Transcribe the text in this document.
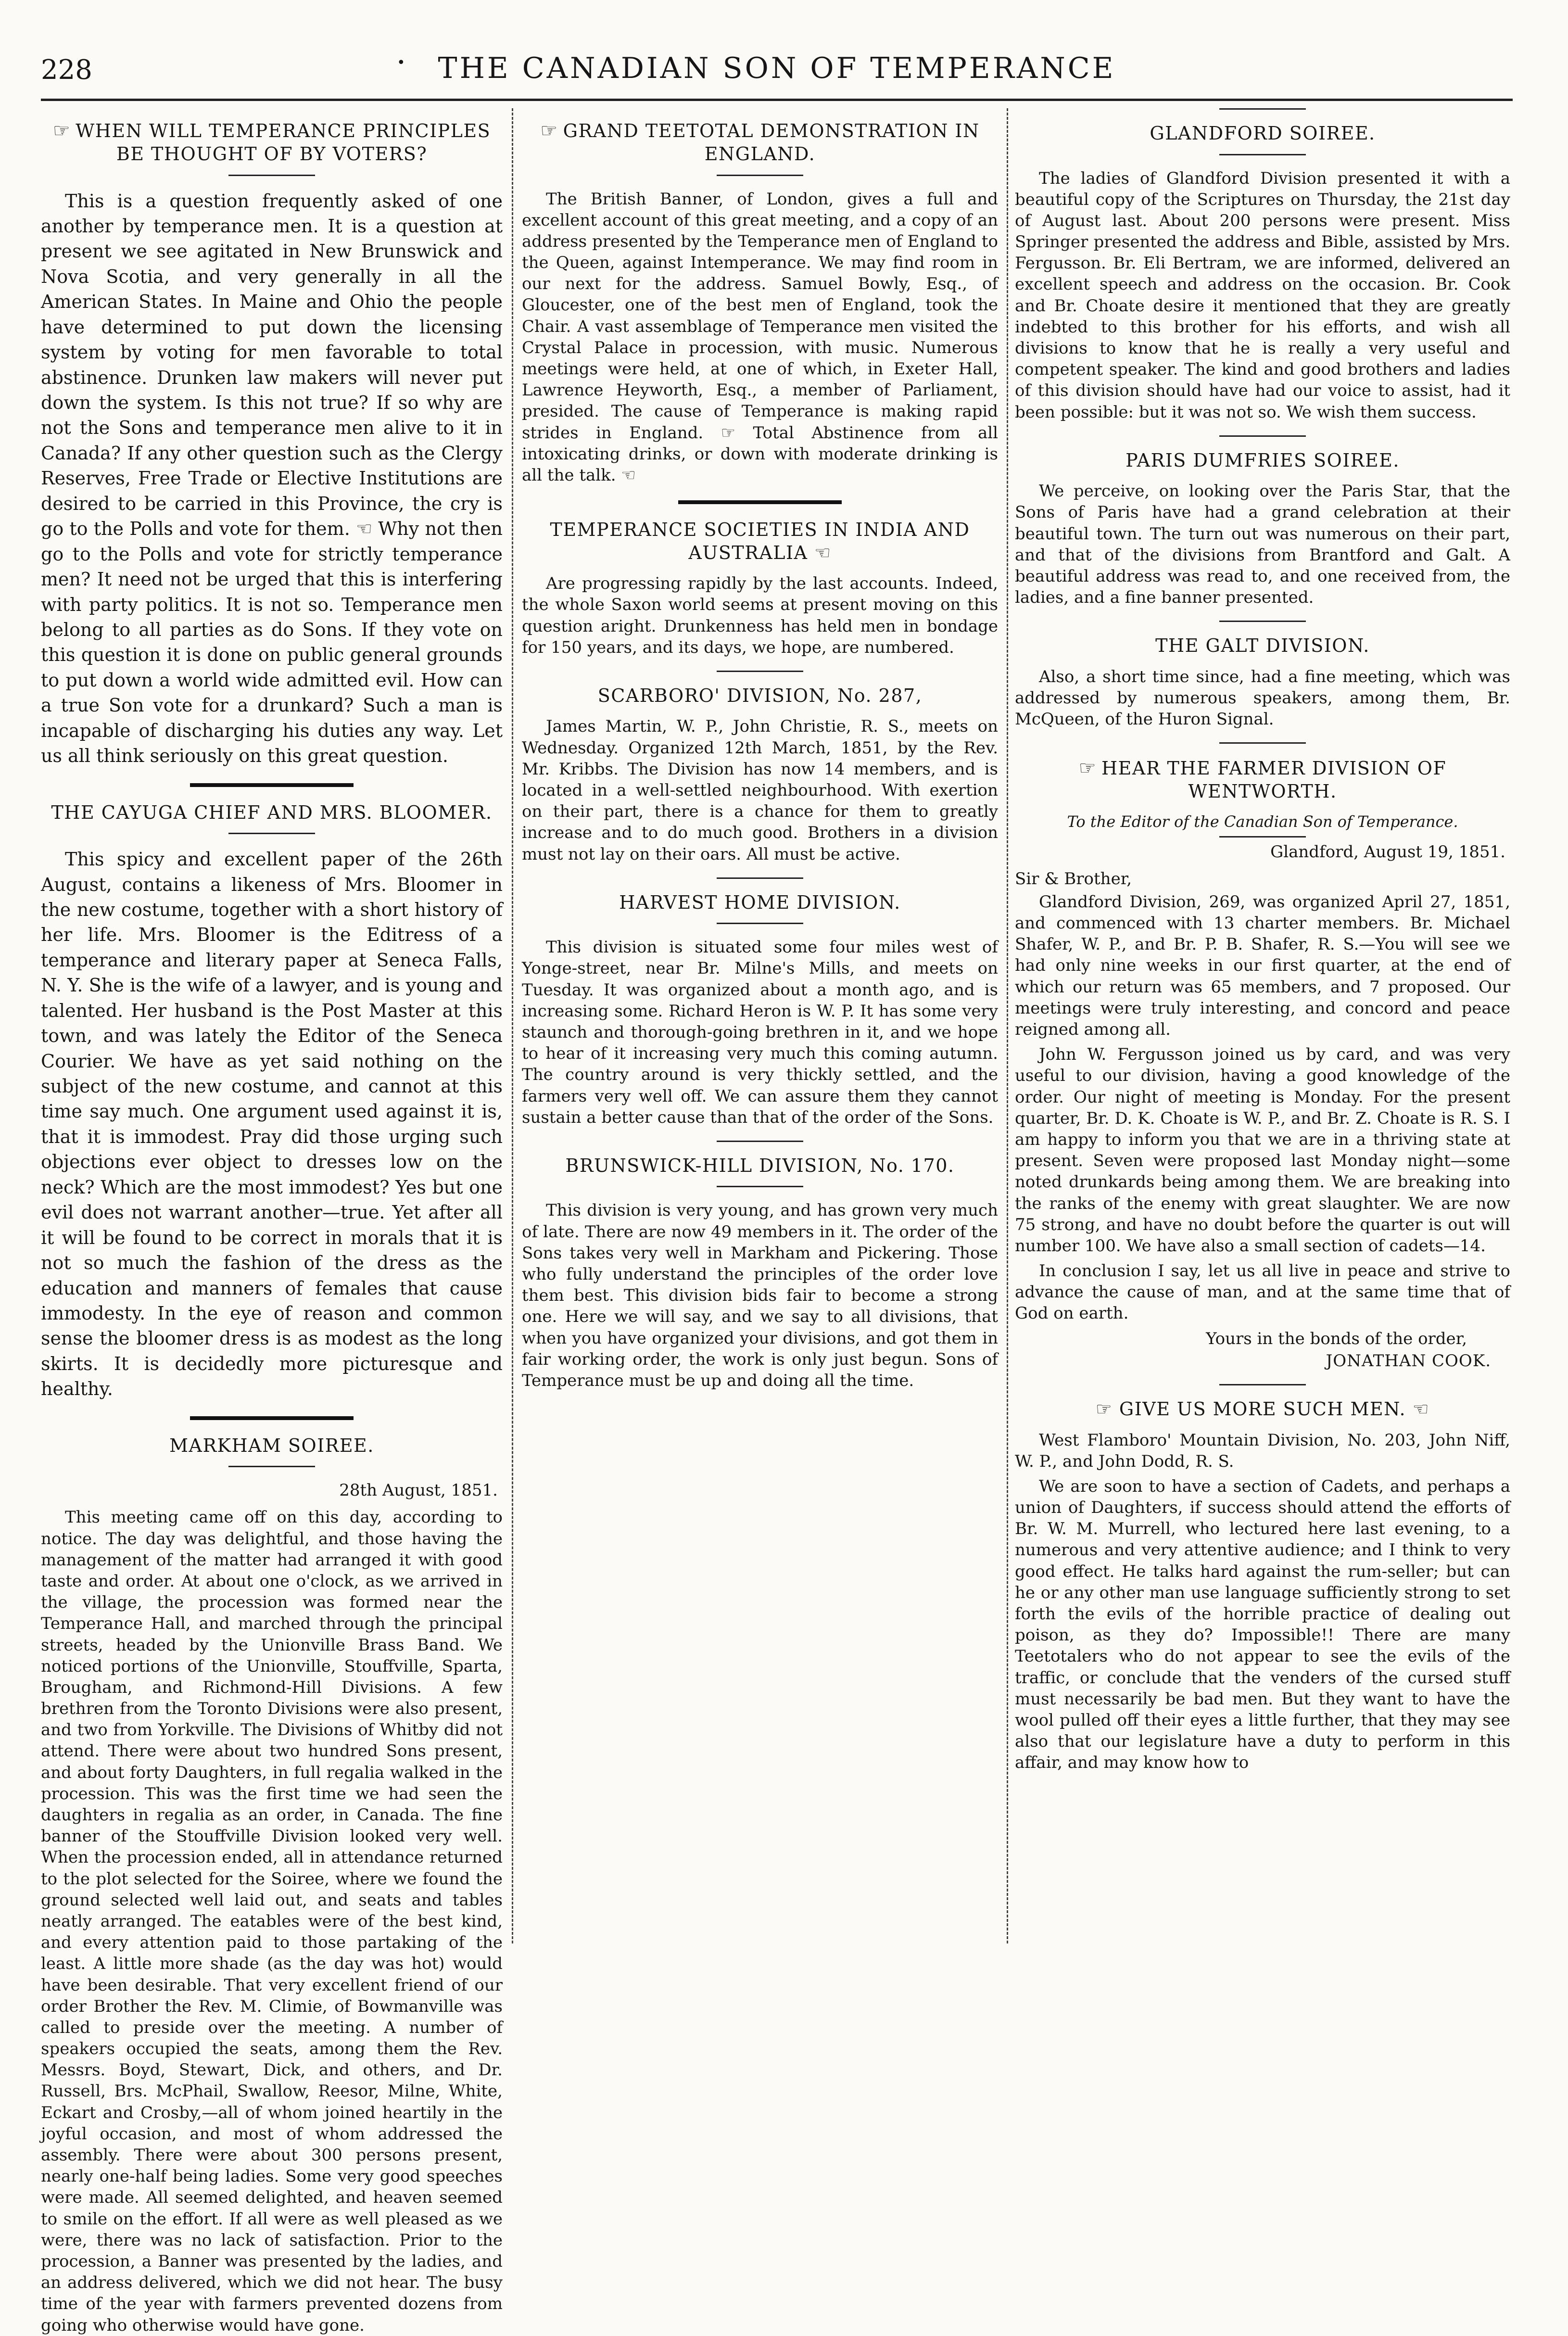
228	• THE CANADIAN SON OF TEMPERANCE
☞ WHEN WILL TEMPERANCE PRINCIPLES BE THOUGHT OF BY VOTERS?

This is a question frequently asked of one another by temperance men. It is a question at present we see agitated in New Brunswick and Nova Scotia, and very generally in all the American States. In Maine and Ohio the people have determined to put down the licensing system by voting for men favorable to total abstinence. Drunken law makers will never put down the system. Is this not true? If so why are not the Sons and temperance men alive to it in Canada? If any other question such as the Clergy Reserves, Free Trade or Elective Institutions are desired to be carried in this Province, the cry is go to the Polls and vote for them. ☜ Why not then go to the Polls and vote for strictly temperance men? It need not be urged that this is interfering with party politics. It is not so. Temperance men belong to all parties as do Sons. If they vote on this question it is done on public general grounds to put down a world wide admitted evil. How can a true Son vote for a drunkard? Such a man is incapable of discharging his duties any way. Let us all think seriously on this great question.

THE CAYUGA CHIEF AND MRS. BLOOMER.

This spicy and excellent paper of the 26th August, contains a likeness of Mrs. Bloomer in the new costume, together with a short history of her life. Mrs. Bloomer is the Editress of a temperance and literary paper at Seneca Falls, N. Y. She is the wife of a lawyer, and is young and talented. Her husband is the Post Master at this town, and was lately the Editor of the Seneca Courier. We have as yet said nothing on the subject of the new costume, and cannot at this time say much. One argument used against it is, that it is immodest. Pray did those urging such objections ever object to dresses low on the neck? Which are the most immodest? Yes but one evil does not warrant another—true. Yet after all it will be found to be correct in morals that it is not so much the fashion of the dress as the education and manners of females that cause immodesty. In the eye of reason and common sense the bloomer dress is as modest as the long skirts. It is decidedly more picturesque and healthy.

MARKHAM SOIREE.
28th August, 1851.

This meeting came off on this day, according to notice. The day was delightful, and those having the management of the matter had arranged it with good taste and order. At about one o'clock, as we arrived in the village, the procession was formed near the Temperance Hall, and marched through the principal streets, headed by the Unionville Brass Band. We noticed portions of the Unionville, Stouffville, Sparta, Brougham, and Richmond-Hill Divisions. A few brethren from the Toronto Divisions were also present, and two from Yorkville. The Divisions of Whitby did not attend. There were about two hundred Sons present, and about forty Daughters, in full regalia walked in the procession. This was the first time we had seen the daughters in regalia as an order, in Canada. The fine banner of the Stouffville Division looked very well. When the procession ended, all in attendance returned to the plot selected for the Soiree, where we found the ground selected well laid out, and seats and tables neatly arranged. The eatables were of the best kind, and every attention paid to those partaking of the least. A little more shade (as the day was hot) would have been desirable. That very excellent friend of our order Brother the Rev. M. Climie, of Bowmanville was called to preside over the meeting. A number of speakers occupied the seats, among them the Rev. Messrs. Boyd, Stewart, Dick, and others, and Dr. Russell, Brs. McPhail, Swallow, Reesor, Milne, White, Eckart and Crosby,—all of whom joined heartily in the joyful occasion, and most of whom addressed the assembly. There were about 300 persons present, nearly one-half being ladies. Some very good speeches were made. All seemed delighted, and heaven seemed to smile on the effort. If all were as well pleased as we were, there was no lack of satisfaction. Prior to the procession, a Banner was presented by the ladies, and an address delivered, which we did not hear. The busy time of the year with farmers prevented dozens from going who otherwise would have gone.

☞ GRAND TEETOTAL DEMONSTRATION IN ENGLAND.

The British Banner, of London, gives a full and excellent account of this great meeting, and a copy of an address presented by the Temperance men of England to the Queen, against Intemperance. We may find room in our next for the address. Samuel Bowly, Esq., of Gloucester, one of the best men of England, took the Chair. A vast assemblage of Temperance men visited the Crystal Palace in procession, with music. Numerous meetings were held, at one of which, in Exeter Hall, Lawrence Heyworth, Esq., a member of Parliament, presided. The cause of Temperance is making rapid strides in England. ☞ Total Abstinence from all intoxicating drinks, or down with moderate drinking is all the talk. ☜

TEMPERANCE SOCIETIES IN INDIA AND AUSTRALIA ☜

Are progressing rapidly by the last accounts. Indeed, the whole Saxon world seems at present moving on this question aright. Drunkenness has held men in bondage for 150 years, and its days, we hope, are numbered.

SCARBORO' DIVISION, No. 287,

James Martin, W. P., John Christie, R. S., meets on Wednesday. Organized 12th March, 1851, by the Rev. Mr. Kribbs. The Division has now 14 members, and is located in a well-settled neighbourhood. With exertion on their part, there is a chance for them to greatly increase and to do much good. Brothers in a division must not lay on their oars. All must be active.

HARVEST HOME DIVISION.

This division is situated some four miles west of Yonge-street, near Br. Milne's Mills, and meets on Tuesday. It was organized about a month ago, and is increasing some. Richard Heron is W. P. It has some very staunch and thorough-going brethren in it, and we hope to hear of it increasing very much this coming autumn. The country around is very thickly settled, and the farmers very well off. We can assure them they cannot sustain a better cause than that of the order of the Sons.

BRUNSWICK-HILL DIVISION, No. 170.

This division is very young, and has grown very much of late. There are now 49 members in it. The order of the Sons takes very well in Markham and Pickering. Those who fully understand the principles of the order love them best. This division bids fair to become a strong one. Here we will say, and we say to all divisions, that when you have organized your divisions, and got them in fair working order, the work is only just begun. Sons of Temperance must be up and doing all the time.

GLANDFORD SOIREE.

The ladies of Glandford Division presented it with a beautiful copy of the Scriptures on Thursday, the 21st day of August last. About 200 persons were present. Miss Springer presented the address and Bible, assisted by Mrs. Fergusson. Br. Eli Bertram, we are informed, delivered an excellent speech and address on the occasion. Br. Cook and Br. Choate desire it mentioned that they are greatly indebted to this brother for his efforts, and wish all divisions to know that he is really a very useful and competent speaker. The kind and good brothers and ladies of this division should have had our voice to assist, had it been possible: but it was not so. We wish them success.

PARIS DUMFRIES SOIREE.

We perceive, on looking over the Paris Star, that the Sons of Paris have had a grand celebration at their beautiful town. The turn out was numerous on their part, and that of the divisions from Brantford and Galt. A beautiful address was read to, and one received from, the ladies, and a fine banner presented.

THE GALT DIVISION.

Also, a short time since, had a fine meeting, which was addressed by numerous speakers, among them, Br. McQueen, of the Huron Signal.

☞ HEAR THE FARMER DIVISION OF WENTWORTH.
To the Editor of the Canadian Son of Temperance.
Glandford, August 19, 1851.
Sir & Brother,

Glandford Division, 269, was organized April 27, 1851, and commenced with 13 charter members. Br. Michael Shafer, W. P., and Br. P. B. Shafer, R. S.—You will see we had only nine weeks in our first quarter, at the end of which our return was 65 members, and 7 proposed. Our meetings were truly interesting, and concord and peace reigned among all.

John W. Fergusson joined us by card, and was very useful to our division, having a good knowledge of the order. Our night of meeting is Monday. For the present quarter, Br. D. K. Choate is W. P., and Br. Z. Choate is R. S. I am happy to inform you that we are in a thriving state at present. Seven were proposed last Monday night—some noted drunkards being among them. We are breaking into the ranks of the enemy with great slaughter. We are now 75 strong, and have no doubt before the quarter is out will number 100. We have also a small section of cadets—14.

In conclusion I say, let us all live in peace and strive to advance the cause of man, and at the same time that of God on earth.

Yours in the bonds of the order,
JONATHAN COOK.
☞ GIVE US MORE SUCH MEN. ☜

West Flamboro' Mountain Division, No. 203, John Niff, W. P., and John Dodd, R. S.

We are soon to have a section of Cadets, and perhaps a union of Daughters, if success should attend the efforts of Br. W. M. Murrell, who lectured here last evening, to a numerous and very attentive audience; and I think to very good effect. He talks hard against the rum-seller; but can he or any other man use language sufficiently strong to set forth the evils of the horrible practice of dealing out poison, as they do? Impossible!! There are many Teetotalers who do not appear to see the evils of the traffic, or conclude that the venders of the cursed stuff must necessarily be bad men. But they want to have the wool pulled off their eyes a little further, that they may see also that our legislature have a duty to perform in this affair, and may know how to
